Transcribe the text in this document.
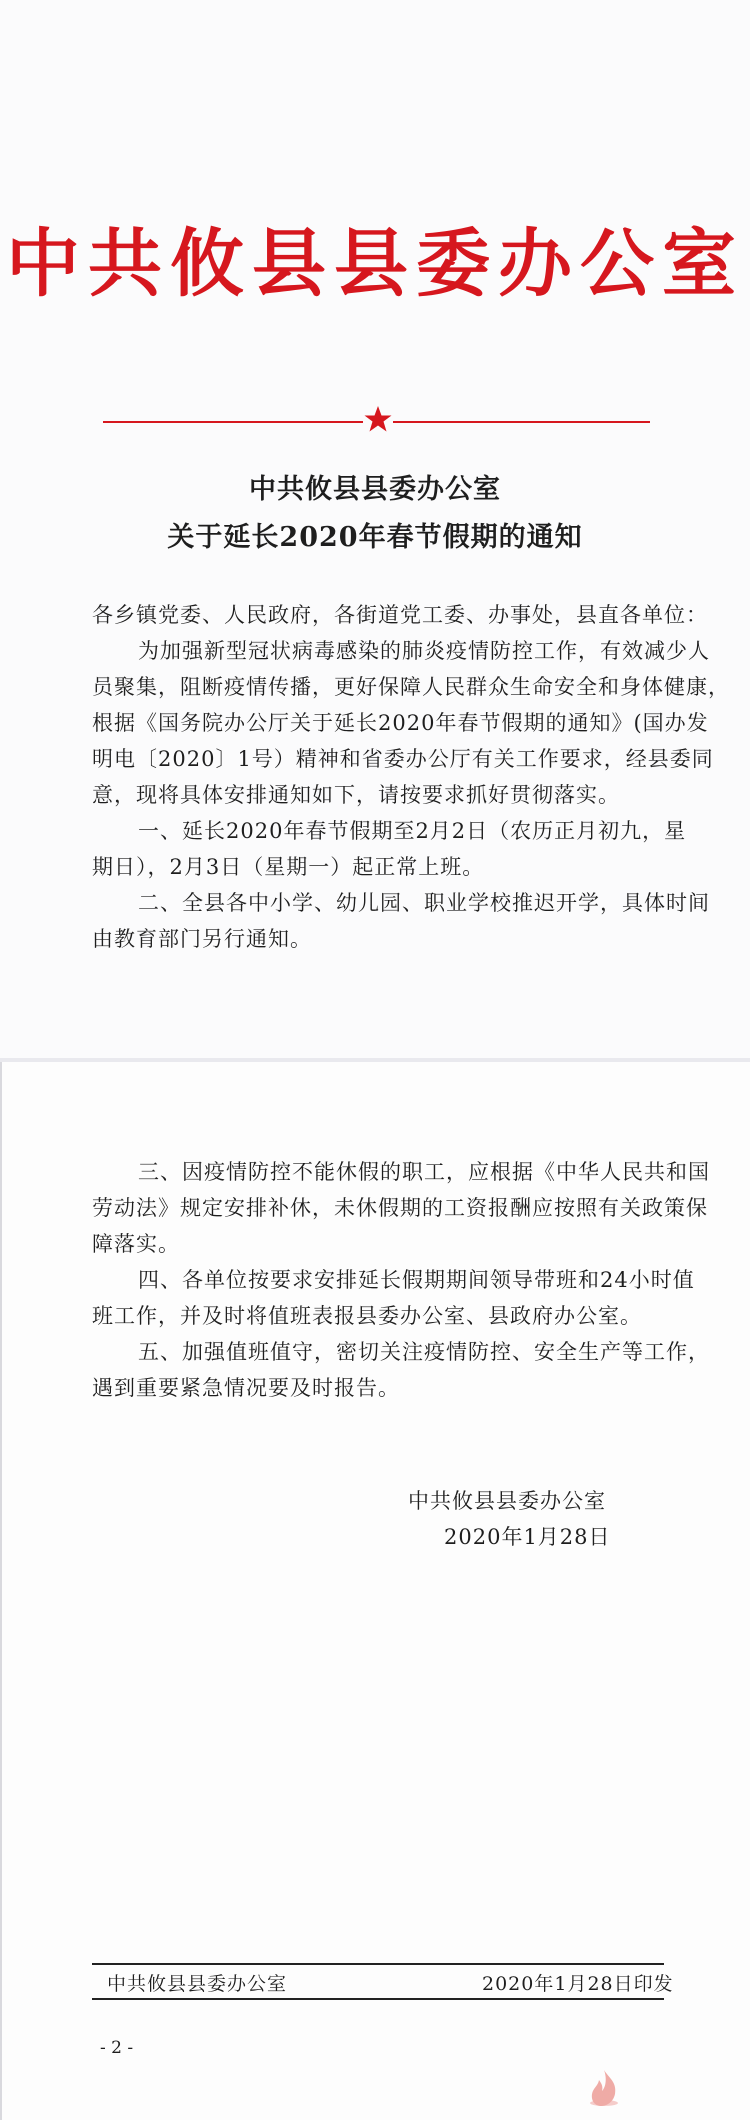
中共攸县县委办公室
中共攸县县委办公室
关于延长2020年春节假期的通知
各乡镇党委、人民政府，各街道党工委、办事处，县直各单位：
为加强新型冠状病毒感染的肺炎疫情防控工作，有效减少人
员聚集，阻断疫情传播，更好保障人民群众生命安全和身体健康，
根据《国务院办公厅关于延长2020年春节假期的通知》(国办发
明电〔2020〕1号）精神和省委办公厅有关工作要求，经县委同
意，现将具体安排通知如下，请按要求抓好贯彻落实。
一、延长2020年春节假期至2月2日（农历正月初九，星
期日），2月3日（星期一）起正常上班。
二、全县各中小学、幼儿园、职业学校推迟开学，具体时间
由教育部门另行通知。
三、因疫情防控不能休假的职工，应根据《中华人民共和国
劳动法》规定安排补休，未休假期的工资报酬应按照有关政策保
障落实。
四、各单位按要求安排延长假期期间领导带班和24小时值
班工作，并及时将值班表报县委办公室、县政府办公室。
五、加强值班值守，密切关注疫情防控、安全生产等工作，
遇到重要紧急情况要及时报告。
中共攸县县委办公室
2020年1月28日
中共攸县县委办公室	2020年1月28日印发
- 2 -
